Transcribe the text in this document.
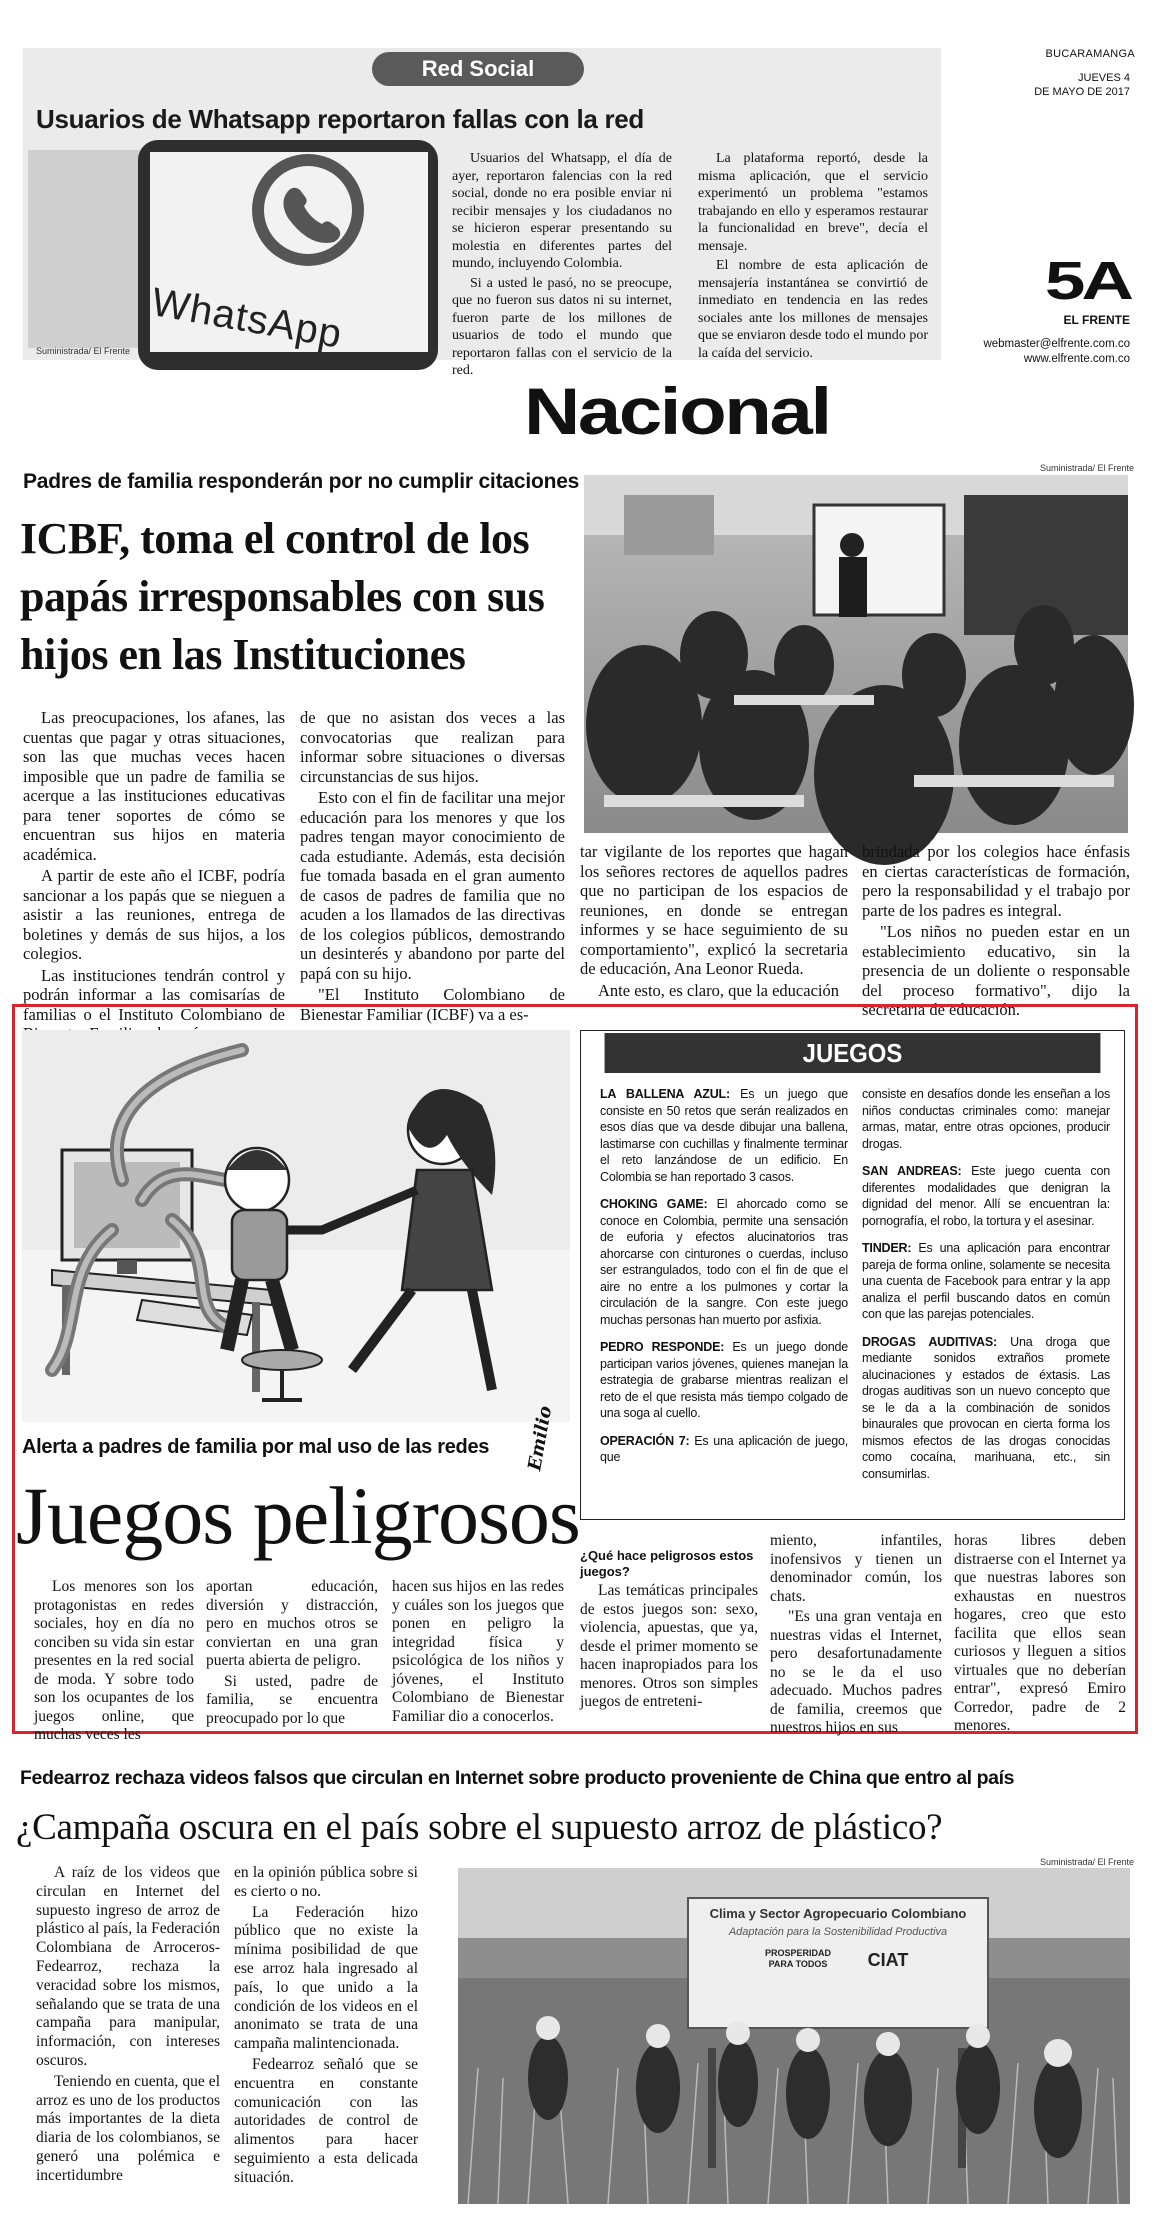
Red Social
Usuarios de Whatsapp reportaron fallas con la red
WhatsApp
Suministrada/ El Frente

Usuarios del Whatsapp, el día de ayer, reportaron falencias con la red social, donde no era posible enviar ni recibir mensajes y los ciudadanos no se hicieron esperar presentando su molestia en diferentes partes del mundo, incluyendo Colombia.

Si a usted le pasó, no se preocupe, que no fueron sus datos ni su internet, fueron parte de los millones de usuarios de todo el mundo que reportaron fallas con el servicio de la red.

La plataforma reportó, desde la misma aplicación, que el servicio experimentó un problema "estamos trabajando en ello y esperamos restaurar la funcionalidad en breve", decía el mensaje.

El nombre de esta aplicación de mensajería instantánea se convirtió de inmediato en tendencia en las redes sociales ante los millones de mensajes que se enviaron desde todo el mundo por la caída del servicio.

BUCARAMANGA
JUEVES 4
DE MAYO DE 2017
5A
EL FRENTE
webmaster@elfrente.com.co
www.elfrente.com.co
Nacional
Padres de familia responderán por no cumplir citaciones
ICBF, toma el control de los papás irresponsables con sus hijos en las Instituciones
Suministrada/ El Frente

Las preocupaciones, los afanes, las cuentas que pagar y otras situaciones, son las que muchas veces hacen imposible que un padre de familia se acerque a las instituciones educativas para tener soportes de cómo se encuentran sus hijos en materia académica.

A partir de este año el ICBF, podría sancionar a los papás que se nieguen a asistir a las reuniones, entrega de boletines y demás de sus hijos, a los colegios.

Las instituciones tendrán control y podrán informar a las comisarías de familias o el Instituto Colombiano de

de que no asistan dos veces a las convocatorias que realizan para informar sobre situaciones o diversas circunstancias de sus hijos.

Esto con el fin de facilitar una mejor educación para los menores y que los padres tengan mayor conocimiento de cada estudiante. Además, esta decisión fue tomada basada en el gran aumento de casos de padres de familia que no acuden a los llamados de las directivas de los colegios públicos, demostrando un desinterés y abandono por parte del papá con su hijo.

"El Instituto Colombiano de Bienestar Familiar (ICBF) va a es-

tar vigilante de los reportes que hagan los señores rectores de aquellos padres que no participan de los espacios de reuniones, en donde se entregan informes y se hace seguimiento de su comportamiento", explicó la secretaria de educación, Ana Leonor Rueda.

Ante esto, es claro, que la educación

brindada por los colegios hace énfasis en ciertas características de formación, pero la responsabilidad y el trabajo por parte de los padres es integral.

"Los niños no pueden estar en un establecimiento educativo, sin la presencia de un doliente o responsable del proceso formativo", dijo la secretaria de educación.

Emilio
Alerta a padres de familia por mal uso de las redes
Juegos peligrosos
JUEGOS

LA BALLENA AZUL: Es un juego que consiste en 50 retos que serán realizados en esos días que va desde dibujar una ballena, lastimarse con cuchillas y finalmente terminar el reto lanzándose de un edificio. En Colombia se han reportado 3 casos.

CHOKING GAME: El ahorcado como se conoce en Colombia, permite una sensación de euforia y efectos alucinatorios tras ahorcarse con cinturones o cuerdas, incluso ser estrangulados, todo con el fin de que el aire no entre a los pulmones y cortar la circulación de la sangre. Con este juego muchas personas han muerto por asfixia.

PEDRO RESPONDE: Es un juego donde participan varios jóvenes, quienes manejan la estrategia de grabarse mientras realizan el reto de el que resista más tiempo colgado de una soga al cuello.

OPERACIÓN 7: Es una aplicación de juego, que

consiste en desafíos donde les enseñan a los niños conductas criminales como: manejar armas, matar, entre otras opciones, producir drogas.

SAN ANDREAS: Este juego cuenta con diferentes modalidades que denigran la dignidad del menor. Allí se encuentran la: pornografía, el robo, la tortura y el asesinar.

TINDER: Es una aplicación para encontrar pareja de forma online, solamente se necesita una cuenta de Facebook para entrar y la app analiza el perfil buscando datos en común con que las parejas potenciales.

DROGAS AUDITIVAS: Una droga que mediante sonidos extraños promete alucinaciones y estados de éxtasis. Las drogas auditivas son un nuevo concepto que se le da a la combinación de sonidos binaurales que provocan en cierta forma los mismos efectos de las drogas conocidas como cocaína, marihuana, etc., sin consumirlas.

Los menores son los protagonistas en redes sociales, hoy en día no conciben su vida sin estar presentes en la red social de moda. Y sobre todo son los ocupantes de los juegos online, que muchas veces les

aportan educación, diversión y distracción, pero en muchos otros se conviertan en una gran puerta abierta de peligro.

Si usted, padre de familia, se encuentra preocupado por lo que

hacen sus hijos en las redes y cuáles son los juegos que ponen en peligro la integridad física y psicológica de los niños y jóvenes, el Instituto Colombiano de Bienestar Familiar dio a conocerlos.

¿Qué hace peligrosos estos juegos?

Las temáticas principales de estos juegos son: sexo, violencia, apuestas, que ya, desde el primer momento se hacen inapropiados para los menores. Otros son simples juegos de entreteni-

miento, infantiles, inofensivos y tienen un denominador común, los chats.

"Es una gran ventaja en nuestras vidas el Internet, pero desafortunadamente no se le da el uso adecuado. Muchos padres de familia, creemos que nuestros hijos en sus

horas libres deben distraerse con el Internet ya que nuestras labores son exhaustas en nuestros hogares, creo que esto facilita que ellos sean curiosos y lleguen a sitios virtuales que no deberían entrar", expresó Emiro Corredor, padre de 2 menores.

Fedearroz rechaza videos falsos que circulan en Internet sobre producto proveniente de China que entro al país
¿Campaña oscura en el país sobre el supuesto arroz de plástico?
Suministrada/ El Frente

A raíz de los videos que circulan en Internet del supuesto ingreso de arroz de plástico al país, la Federación Colombiana de Arroceros-Fedearroz, rechaza la veracidad sobre los mismos, señalando que se trata de una campaña para manipular, información, con intereses oscuros.

Teniendo en cuenta, que el arroz es uno de los productos más importantes de la dieta diaria de los colombianos, se generó una polémica e incertidumbre

en la opinión pública sobre si es cierto o no.

La Federación hizo público que no existe la mínima posibilidad de que ese arroz hala ingresado al país, lo que unido a la condición de los videos en el anonimato se trata de una campaña malintencionada.

Fedearroz señaló que se encuentra en constante comunicación con las autoridades de control de alimentos para hacer seguimiento a esta delicada situación.

Clima y Sector Agropecuario Colombiano
Adaptación para la Sostenibilidad Productiva
PROSPERIDAD PARA TODOS	CIAT
